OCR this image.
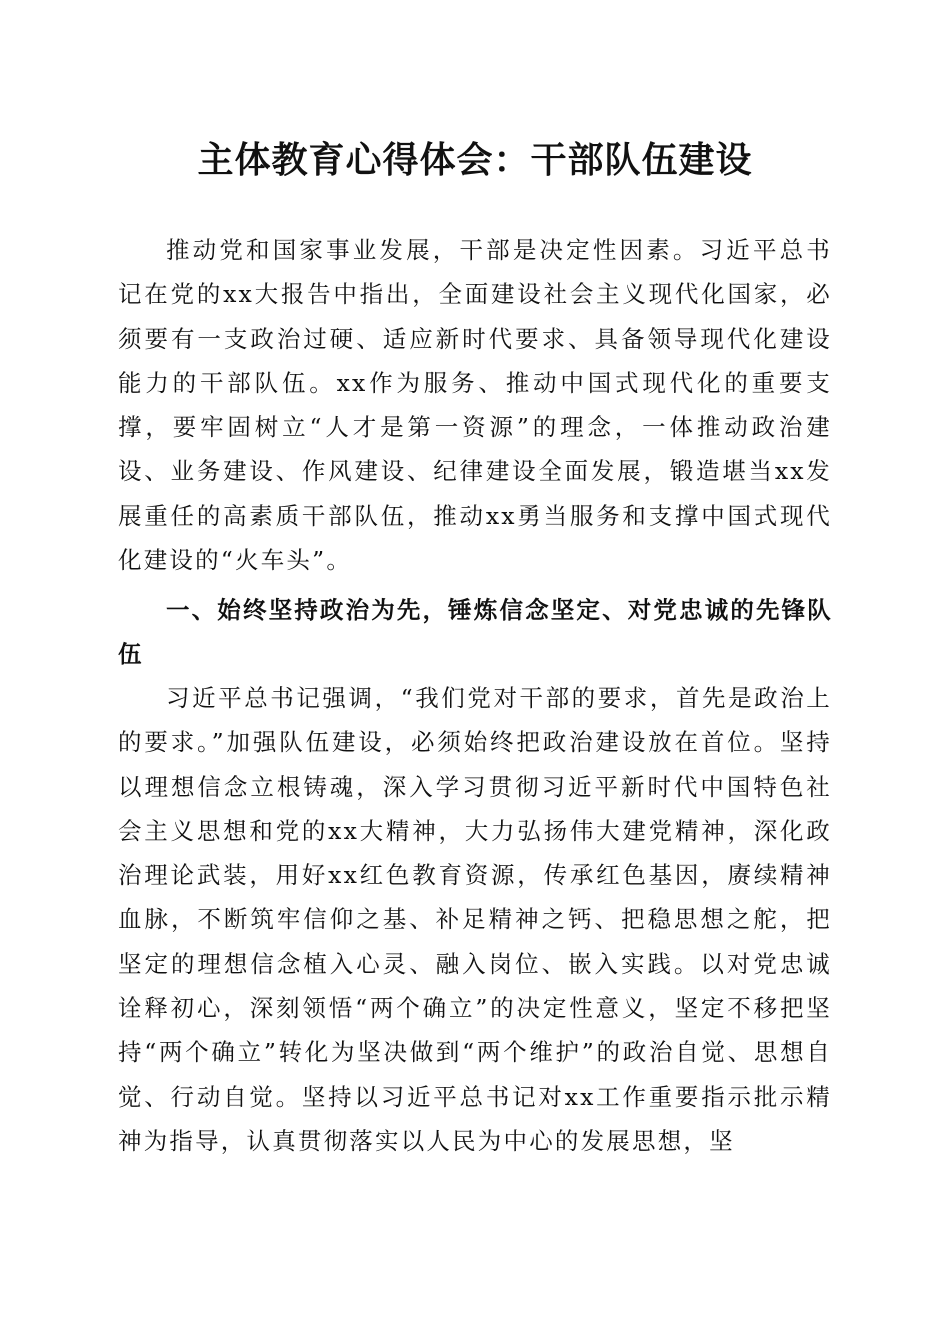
主体教育心得体会：干部队伍建设

推动党和国家事业发展，干部是决定性因素。习近平总书记在党的xx大报告中指出，全面建设社会主义现代化国家，必须要有一支政治过硬、适应新时代要求、具备领导现代化建设能力的干部队伍。xx作为服务、推动中国式现代化的重要支撑，要牢固树立“人才是第一资源”的理念，一体推动政治建设、业务建设、作风建设、纪律建设全面发展，锻造堪当xx发展重任的高素质干部队伍，推动xx勇当服务和支撑中国式现代化建设的“火车头”。

一、始终坚持政治为先，锤炼信念坚定、对党忠诚的先锋队伍

习近平总书记强调，“我们党对干部的要求，首先是政治上的要求。”加强队伍建设，必须始终把政治建设放在首位。坚持以理想信念立根铸魂，深入学习贯彻习近平新时代中国特色社会主义思想和党的xx大精神，大力弘扬伟大建党精神，深化政治理论武装，用好xx红色教育资源，传承红色基因，赓续精神血脉，不断筑牢信仰之基、补足精神之钙、把稳思想之舵，把坚定的理想信念植入心灵、融入岗位、嵌入实践。以对党忠诚诠释初心，深刻领悟“两个确立”的决定性意义，坚定不移把坚持“两个确立”转化为坚决做到“两个维护”的政治自觉、思想自觉、行动自觉。坚持以习近平总书记对xx工作重要指示批示精神为指导，认真贯彻落实以人民为中心的发展思想，坚
